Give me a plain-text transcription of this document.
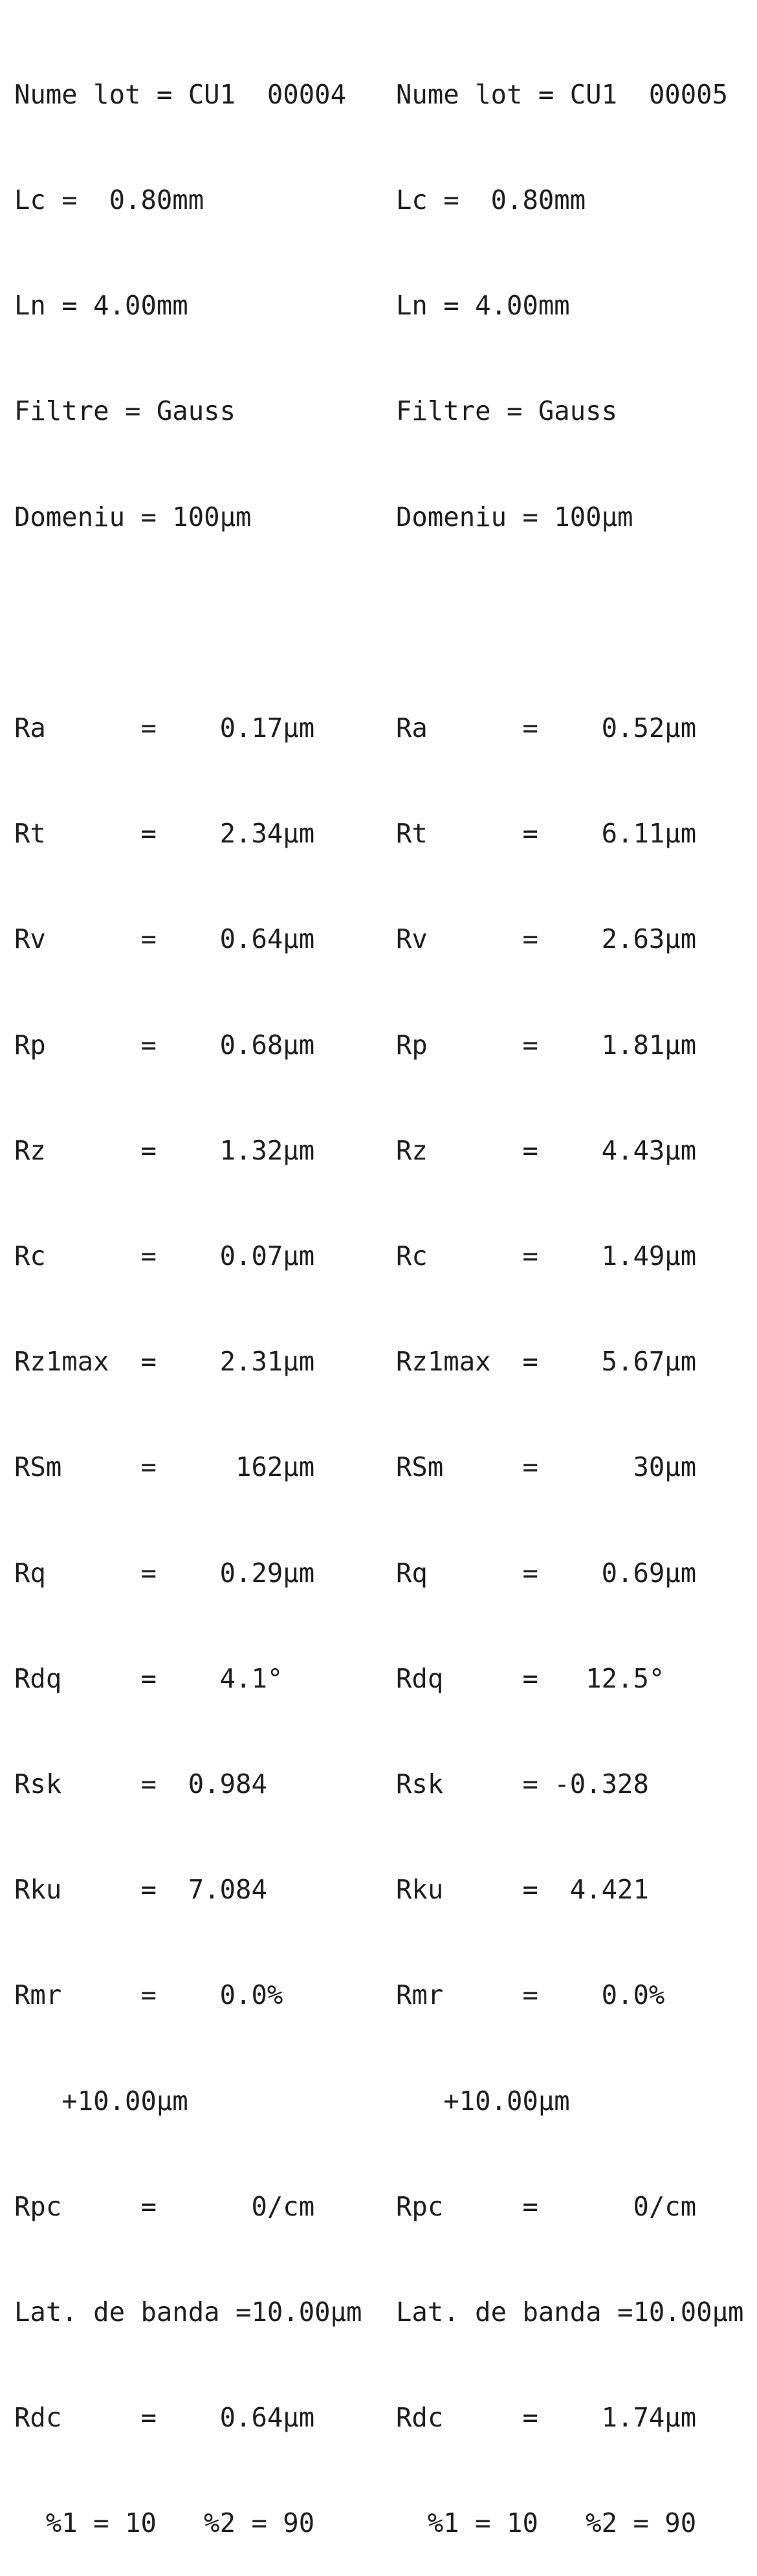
Nume lot = CU1  00004

Lc =  0.80mm

Ln = 4.00mm

Filtre = Gauss

Domeniu = 100μm

Ra      =    0.17μm

Rt      =    2.34μm

Rv      =    0.64μm

Rp      =    0.68μm

Rz      =    1.32μm

Rc      =    0.07μm

Rz1max  =    2.31μm

RSm     =     162μm

Rq      =    0.29μm

Rdq     =    4.1°

Rsk     =  0.984

Rku     =  7.084

Rmr     =    0.0%

+10.00μm

Rpc     =      0/cm

Lat. de banda =10.00μm

Rdc     =    0.64μm

%1 = 10   %2 = 90

Nume lot = CU1  00005

Lc =  0.80mm

Ln = 4.00mm

Filtre = Gauss

Domeniu = 100μm

Ra      =    0.52μm

Rt      =    6.11μm

Rv      =    2.63μm

Rp      =    1.81μm

Rz      =    4.43μm

Rc      =    1.49μm

Rz1max  =    5.67μm

RSm     =      30μm

Rq      =    0.69μm

Rdq     =   12.5°

Rsk     = -0.328

Rku     =  4.421

Rmr     =    0.0%

+10.00μm

Rpc     =      0/cm

Lat. de banda =10.00μm

Rdc     =    1.74μm

%1 = 10   %2 = 90
